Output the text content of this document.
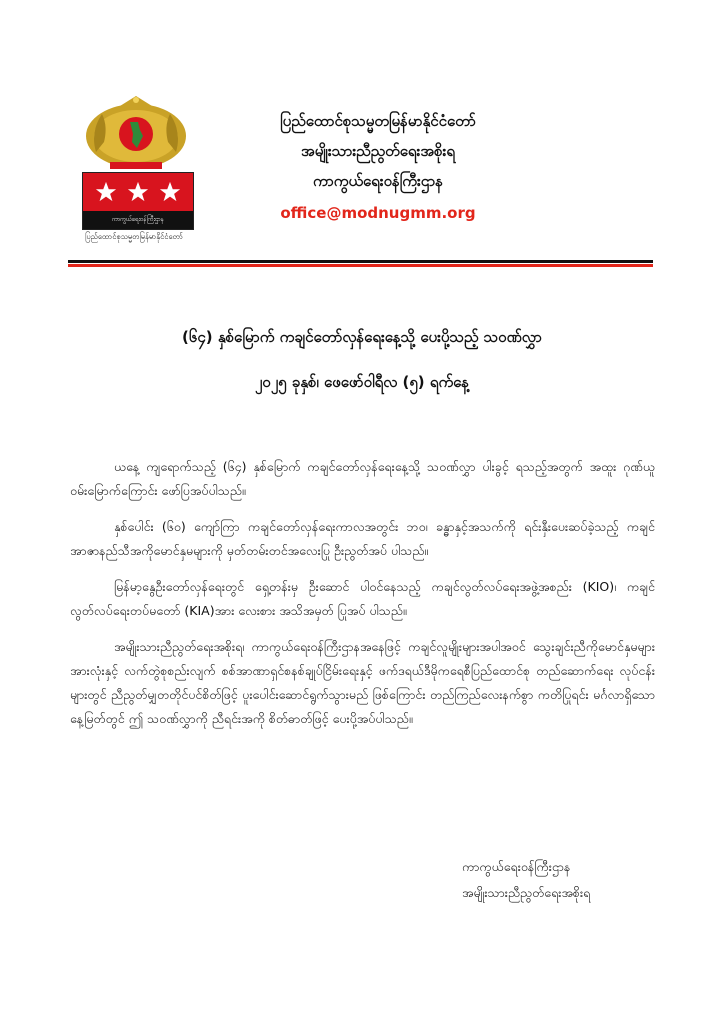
ကာကွယ်ရေးဝန်ကြီးဌာန
ပြည်ထောင်စုသမ္မတမြန်မာနိုင်ငံတော်
ပြည်ထောင်စုသမ္မတမြန်မာနိုင်ငံတော်
အမျိုးသားညီညွတ်ရေးအစိုးရ
ကာကွယ်ရေးဝန်ကြီးဌာန
office@modnugmm.org
(၆၄) နှစ်မြောက် ကချင်တော်လှန်ရေးနေ့သို့ ပေးပို့သည့် သဝဏ်လွှာ
၂၀၂၅ ခုနှစ်၊ ဖေဖော်ဝါရီလ (၅) ရက်နေ့

ယနေ့ ကျရောက်သည့် (၆၄) နှစ်မြောက် ကချင်တော်လှန်ရေးနေ့သို့ သဝဏ်လွှာ ပါးခွင့် ရသည့်အတွက် အထူး ဂုဏ်ယူဝမ်းမြောက်ကြောင်း ဖော်ပြအပ်ပါသည်။

နှစ်ပေါင်း (၆၀) ကျော်ကြာ ကချင်တော်လှန်ရေးကာလအတွင်း ဘဝ၊ ခန္ဓာနှင့်အသက်ကို ရင်းနှီးပေးဆပ်ခဲ့သည့် ကချင်အာဇာနည်သီအကိုမောင်နှမများကို မှတ်တမ်းတင်အလေးပြု ဦးညွတ်အပ် ပါသည်။

မြန်မာ့နွေဦးတော်လှန်ရေးတွင် ရှေ့တန်းမှ ဦးဆောင် ပါဝင်နေသည့် ကချင်လွတ်လပ်ရေးအဖွဲ့အစည်း (KIO)၊ ကချင်လွတ်လပ်ရေးတပ်မတော် (KIA)အား လေးစား အသိအမှတ် ပြုအပ် ပါသည်။

အမျိုးသားညီညွတ်ရေးအစိုးရ၊ ကာကွယ်ရေးဝန်ကြီးဌာနအနေဖြင့် ကချင်လူမျိုးများအပါအဝင် သွေးချင်းညီကိုမောင်နှမများအားလုံးနှင့် လက်တွဲစုစည်းလျက် စစ်အာဏာရှင်စနစ်ချုပ်ငြိမ်းရေးနှင့် ဖက်ဒရယ်ဒီမိုကရေစီပြည်ထောင်စု တည်ဆောက်ရေး လုပ်ငန်းများတွင် ညီညွတ်မျှတတိုင်ပင်စိတ်ဖြင့် ပူးပေါင်းဆောင်ရွက်သွားမည် ဖြစ်ကြောင်း တည်ကြည်လေးနက်စွာ ကတိပြုရင်း မင်္ဂလာရှိသော နေ့မြတ်တွင် ဤ သဝဏ်လွှာကို ညီရင်းအကို စိတ်ဓာတ်ဖြင့် ပေးပို့အပ်ပါသည်။

ကာကွယ်ရေးဝန်ကြီးဌာန
အမျိုးသားညီညွတ်ရေးအစိုးရ
